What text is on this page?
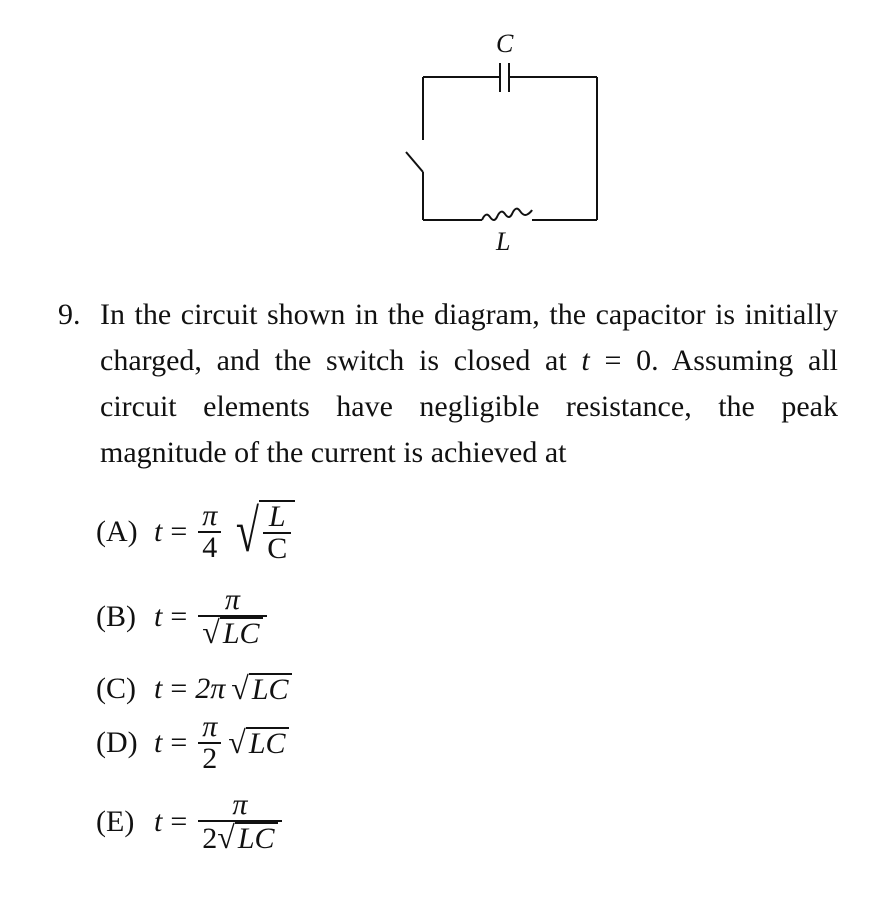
C
L
9. In the circuit shown in the diagram, the capacitor is initially charged, and the switch is closed at t = 0. Assuming all circuit elements have negligible resistance, the peak magnitude of the current is achieved at
(A) $t = \frac{\pi}{4}$ √ $\frac{L}{C}$
(B) $t = \frac{\pi}{√ LC}$
(C) t = 2π √ LC
(D) $t = \frac{\pi}{2}$ √ LC
(E) $t = \frac{\pi}{2 √ LC}$
